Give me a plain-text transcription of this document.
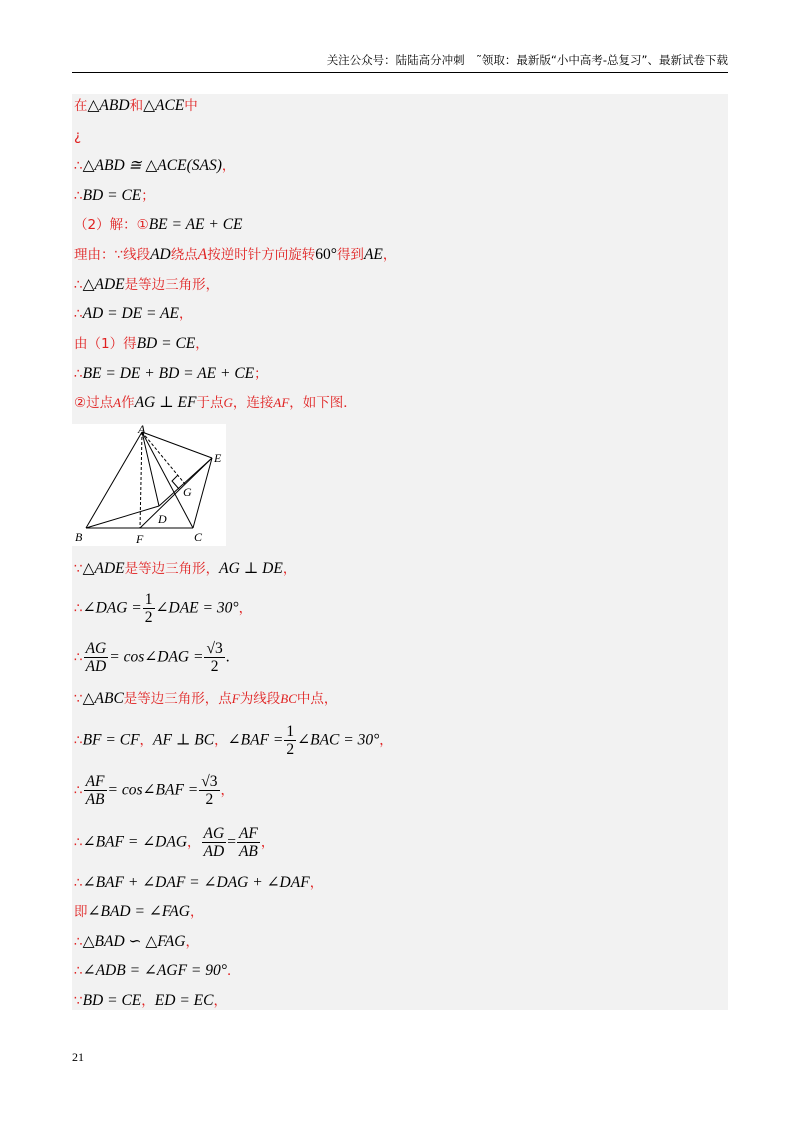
关注公众号：陆陆高分冲刺　˜领取：最新版“小中高考-总复习”、最新试卷下载
在△ABD和△ACE中
¿
∴△ABD ≅ △ACE(SAS)，
∴BD = CE；
（2）解：①BE = AE + CE
理由：∵线段AD绕点A按逆时针方向旋转60°得到AE，
∴△ADE是等边三角形，
∴AD = DE = AE，
由（1）得BD = CE，
∴BE = DE + BD = AE + CE；
②过点A作AG ⊥ EF于点G，连接AF，如下图．
A
B	C
D
E
F
G
∵△ADE是等边三角形，AG ⊥ DE，
∴∠DAG = $\frac{1}{2}$ ∠DAE = 30°，
∴ $\frac{AG}{AD}$ = cos∠DAG = $\frac{√3}{2}$ .
∵△ABC是等边三角形，点F为线段BC中点，
∴BF = CF，AF ⊥ BC，∠BAF = $\frac{1}{2}$ ∠BAC = 30°，
∴ $\frac{AF}{AB}$ = cos∠BAF = $\frac{√3}{2}$ ，
∴∠BAF = ∠DAG， $\frac{AG}{AD} = \frac{AF}{AB}$ ，
∴∠BAF + ∠DAF = ∠DAG + ∠DAF，
即∠BAD = ∠FAG，
∴△BAD ∽ △FAG，
∴∠ADB = ∠AGF = 90°．
∵BD = CE，ED = EC，
21
